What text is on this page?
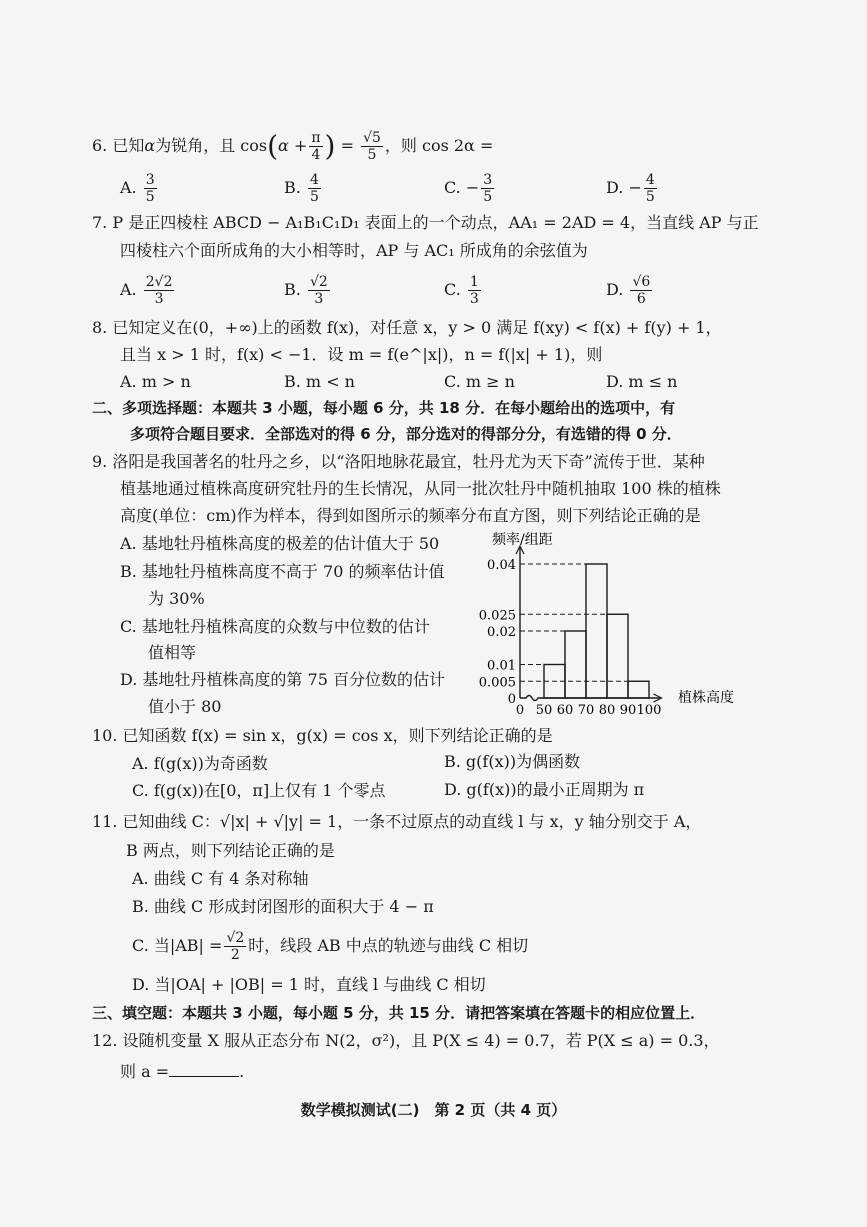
6. 已知α为锐角，且 $\cos(\alpha + \frac{\pi}{4}$ ) = $\frac{√5}{5}$ ，则 cos 2α =
A. $\frac{3}{5}$	B. $\frac{4}{5}$	C. − $\frac{3}{5}$	D. − $\frac{4}{5}$
7. P 是正四棱柱 ABCD − A₁B₁C₁D₁ 表面上的一个动点，AA₁ = 2AD = 4，当直线 AP 与正
四棱柱六个面所成角的大小相等时，AP 与 AC₁ 所成角的余弦值为
A. $\frac{2√2}{3}$	B. $\frac{√2}{3}$	C. $\frac{1}{3}$	D. $\frac{√6}{6}$
8. 已知定义在(0，+∞)上的函数 f(x)，对任意 x，y > 0 满足 f(xy) < f(x) + f(y) + 1，
且当 x > 1 时，f(x) < −1．设 m = f(e^|x|)，n = f(|x| + 1)，则
A. m > n	B. m < n	C. m ≥ n	D. m ≤ n
二、多项选择题：本题共 3 小题，每小题 6 分，共 18 分．在每小题给出的选项中，有
多项符合题目要求．全部选对的得 6 分，部分选对的得部分分，有选错的得 0 分．
9. 洛阳是我国著名的牡丹之乡，以“洛阳地脉花最宜，牡丹尤为天下奇”流传于世．某种
植基地通过植株高度研究牡丹的生长情况，从同一批次牡丹中随机抽取 100 株的植株
高度(单位：cm)作为样本，得到如图所示的频率分布直方图，则下列结论正确的是
A. 基地牡丹植株高度的极差的估计值大于 50
B. 基地牡丹植株高度不高于 70 的频率估计值
为 30%
C. 基地牡丹植株高度的众数与中位数的估计
值相等
D. 基地牡丹植株高度的第 75 百分位数的估计
值小于 80
频率/组距
植株高度
0.04
0.025
0.02
0.01
0.005
0
0 50 60 70 80 90 100
10. 已知函数 f(x) = sin x，g(x) = cos x，则下列结论正确的是
A. f(g(x))为奇函数	B. g(f(x))为偶函数
C. f(g(x))在[0，π]上仅有 1 个零点	D. g(f(x))的最小正周期为 π
11. 已知曲线 C：√|x| + √|y| = 1，一条不过原点的动直线 l 与 x，y 轴分别交于 A，
B 两点，则下列结论正确的是
A. 曲线 C 有 4 条对称轴
B. 曲线 C 形成封闭图形的面积大于 4 − π
C. 当$|AB| = \frac{√2}{2}$ 时，线段 AB 中点的轨迹与曲线 C 相切
D. 当|OA| + |OB| = 1 时，直线 l 与曲线 C 相切
三、填空题：本题共 3 小题，每小题 5 分，共 15 分．请把答案填在答题卡的相应位置上．
12. 设随机变量 X 服从正态分布 N(2，σ²)，且 P(X ≤ 4) = 0.7，若 P(X ≤ a) = 0.3，
则 a =	.
数学模拟测试(二)　第 2 页（共 4 页）
